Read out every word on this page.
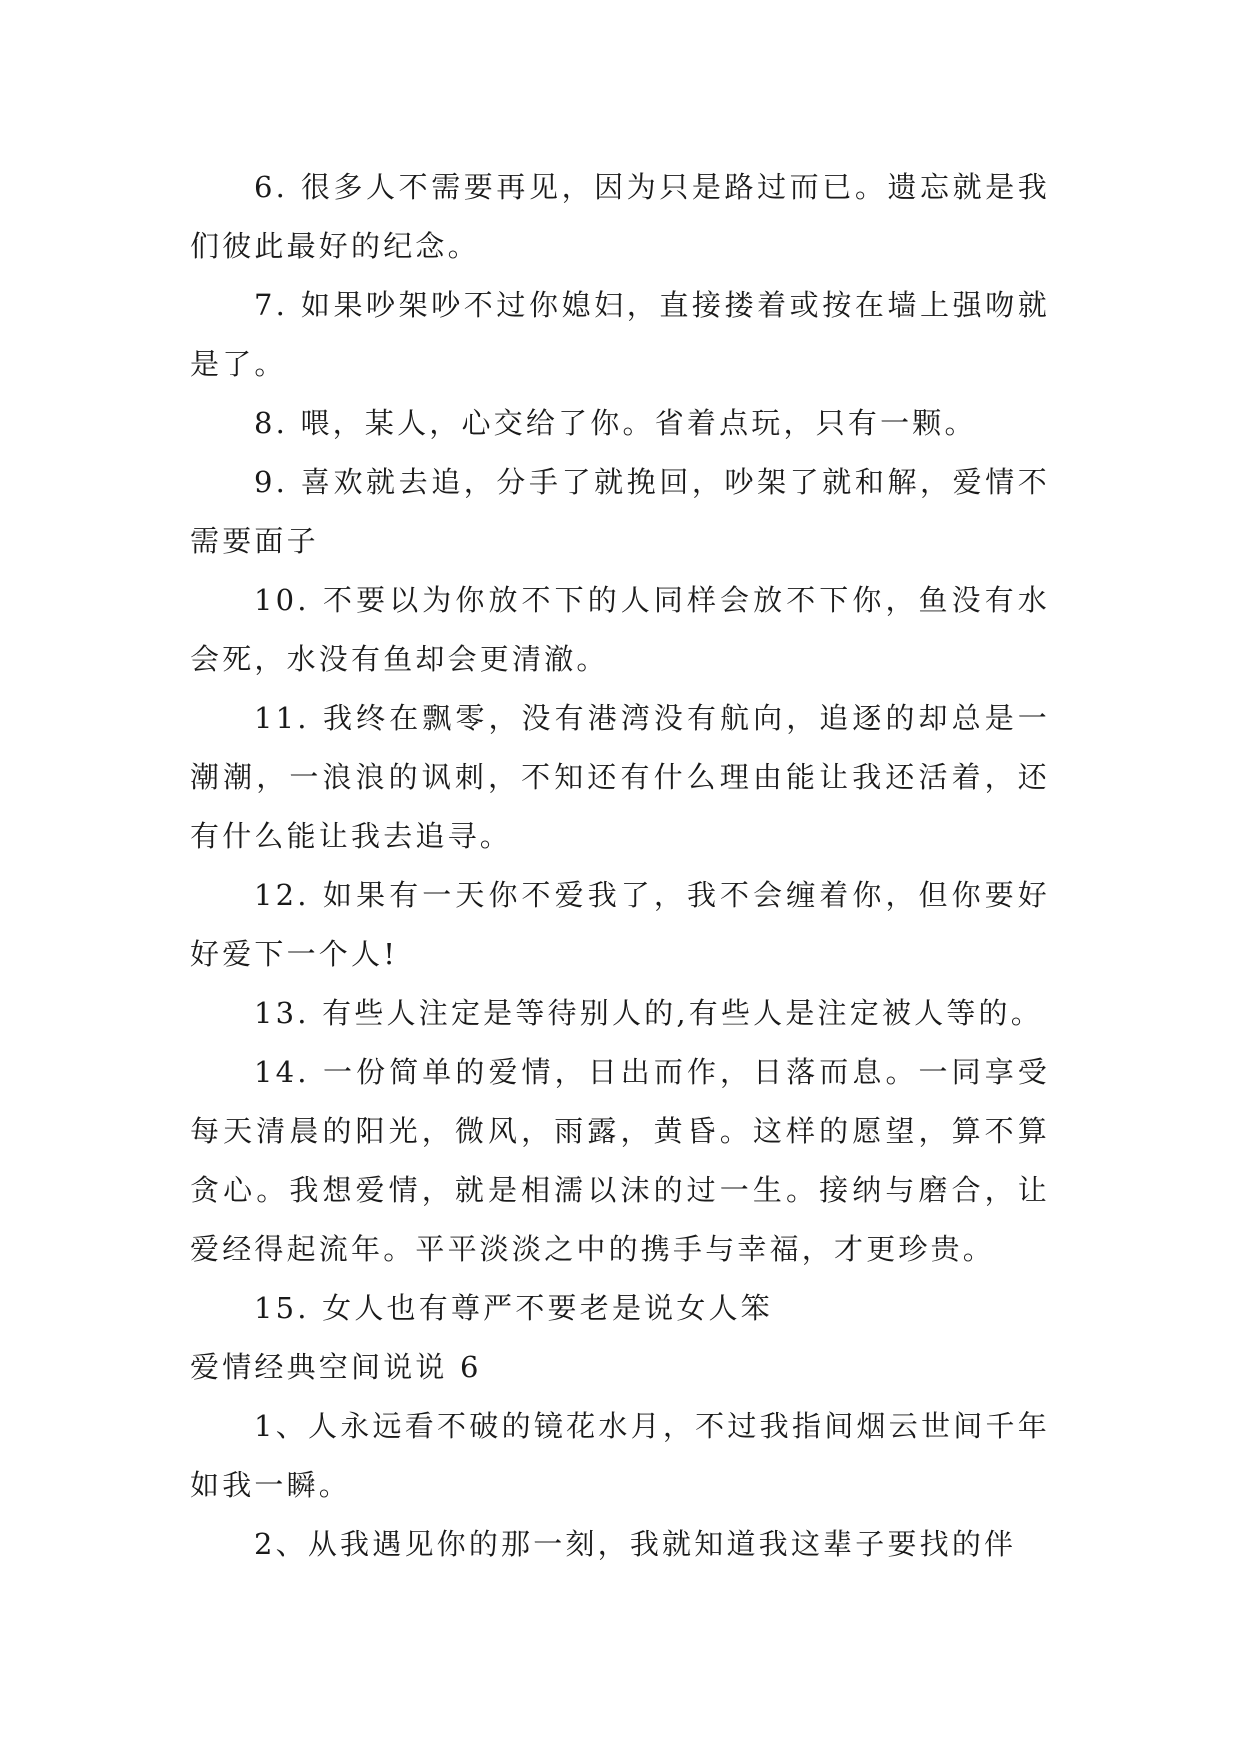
6. 很多人不需要再见，因为只是路过而已。遗忘就是我们彼此最好的纪念。

7. 如果吵架吵不过你媳妇，直接搂着或按在墙上强吻就是了。

8. 喂，某人，心交给了你。省着点玩，只有一颗。

9. 喜欢就去追，分手了就挽回，吵架了就和解，爱情不需要面子

10. 不要以为你放不下的人同样会放不下你，鱼没有水会死，水没有鱼却会更清澈。

11. 我终在飘零，没有港湾没有航向，追逐的却总是一潮潮，一浪浪的讽刺，不知还有什么理由能让我还活着，还有什么能让我去追寻。

12. 如果有一天你不爱我了，我不会缠着你，但你要好好爱下一个人!

13. 有些人注定是等待别人的,有些人是注定被人等的。

14. 一份简单的爱情，日出而作，日落而息。一同享受每天清晨的阳光，微风，雨露，黄昏。这样的愿望，算不算贪心。我想爱情，就是相濡以沫的过一生。接纳与磨合，让爱经得起流年。平平淡淡之中的携手与幸福，才更珍贵。

15. 女人也有尊严不要老是说女人笨

爱情经典空间说说 6

1、人永远看不破的镜花水月，不过我指间烟云世间千年如我一瞬。

2、从我遇见你的那一刻，我就知道我这辈子要找的伴
